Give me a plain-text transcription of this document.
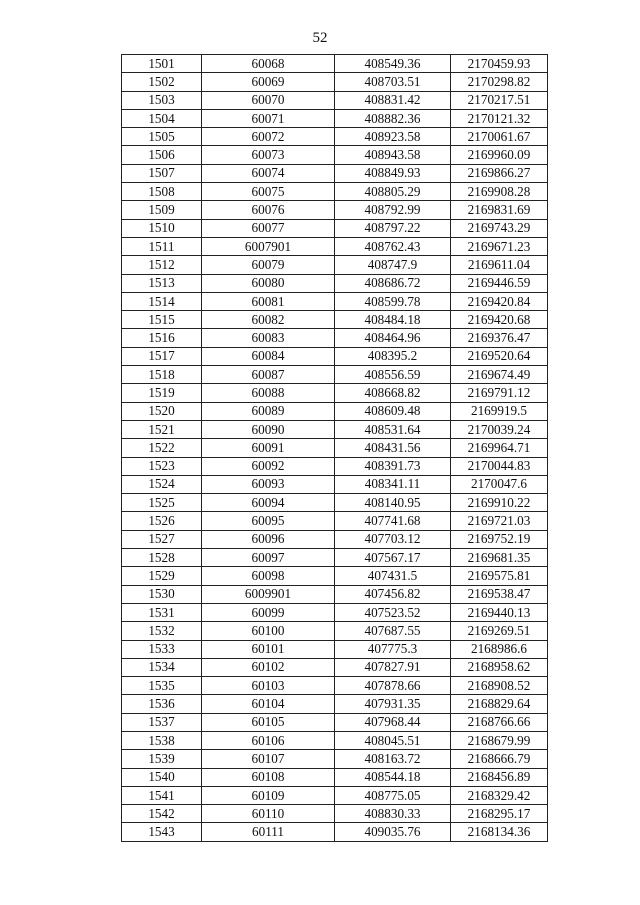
52
1501	60068	408549.36	2170459.93
1502	60069	408703.51	2170298.82
1503	60070	408831.42	2170217.51
1504	60071	408882.36	2170121.32
1505	60072	408923.58	2170061.67
1506	60073	408943.58	2169960.09
1507	60074	408849.93	2169866.27
1508	60075	408805.29	2169908.28
1509	60076	408792.99	2169831.69
1510	60077	408797.22	2169743.29
1511	6007901	408762.43	2169671.23
1512	60079	408747.9	2169611.04
1513	60080	408686.72	2169446.59
1514	60081	408599.78	2169420.84
1515	60082	408484.18	2169420.68
1516	60083	408464.96	2169376.47
1517	60084	408395.2	2169520.64
1518	60087	408556.59	2169674.49
1519	60088	408668.82	2169791.12
1520	60089	408609.48	2169919.5
1521	60090	408531.64	2170039.24
1522	60091	408431.56	2169964.71
1523	60092	408391.73	2170044.83
1524	60093	408341.11	2170047.6
1525	60094	408140.95	2169910.22
1526	60095	407741.68	2169721.03
1527	60096	407703.12	2169752.19
1528	60097	407567.17	2169681.35
1529	60098	407431.5	2169575.81
1530	6009901	407456.82	2169538.47
1531	60099	407523.52	2169440.13
1532	60100	407687.55	2169269.51
1533	60101	407775.3	2168986.6
1534	60102	407827.91	2168958.62
1535	60103	407878.66	2168908.52
1536	60104	407931.35	2168829.64
1537	60105	407968.44	2168766.66
1538	60106	408045.51	2168679.99
1539	60107	408163.72	2168666.79
1540	60108	408544.18	2168456.89
1541	60109	408775.05	2168329.42
1542	60110	408830.33	2168295.17
1543	60111	409035.76	2168134.36
